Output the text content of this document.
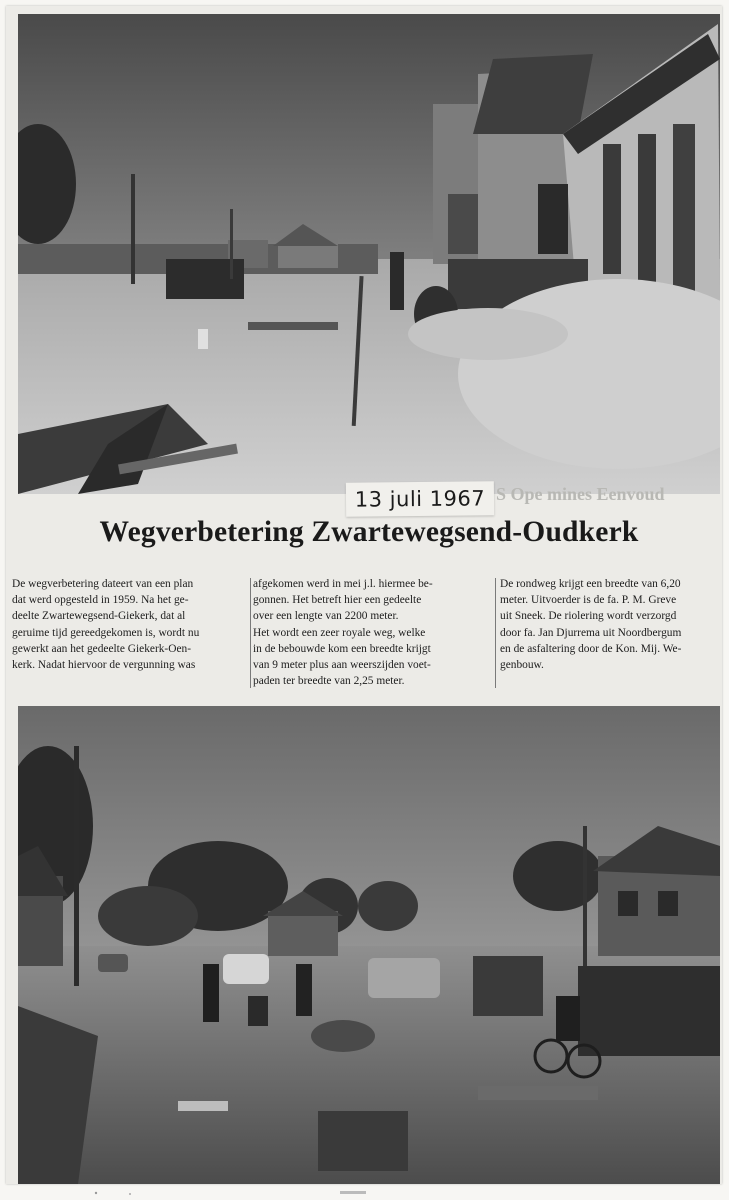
S Ope mines Eenvoud
13 juli 1967
Wegverbetering Zwartewegsend-Oudkerk
De wegverbetering dateert van een plan
dat werd opgesteld in 1959. Na het ge-
deelte Zwartewegsend-Giekerk, dat al
geruime tijd gereedgekomen is, wordt nu
gewerkt aan het gedeelte Giekerk-Oen-
kerk. Nadat hiervoor de vergunning was
afgekomen werd in mei j.l. hiermee be-
gonnen. Het betreft hier een gedeelte
over een lengte van 2200 meter.
Het wordt een zeer royale weg, welke
in de bebouwde kom een breedte krijgt
van 9 meter plus aan weerszijden voet-
paden ter breedte van 2,25 meter.
De rondweg krijgt een breedte van 6,20
meter. Uitvoerder is de fa. P. M. Greve
uit Sneek. De riolering wordt verzorgd
door fa. Jan Djurrema uit Noordbergum
en de asfaltering door de Kon. Mij. We-
genbouw.
